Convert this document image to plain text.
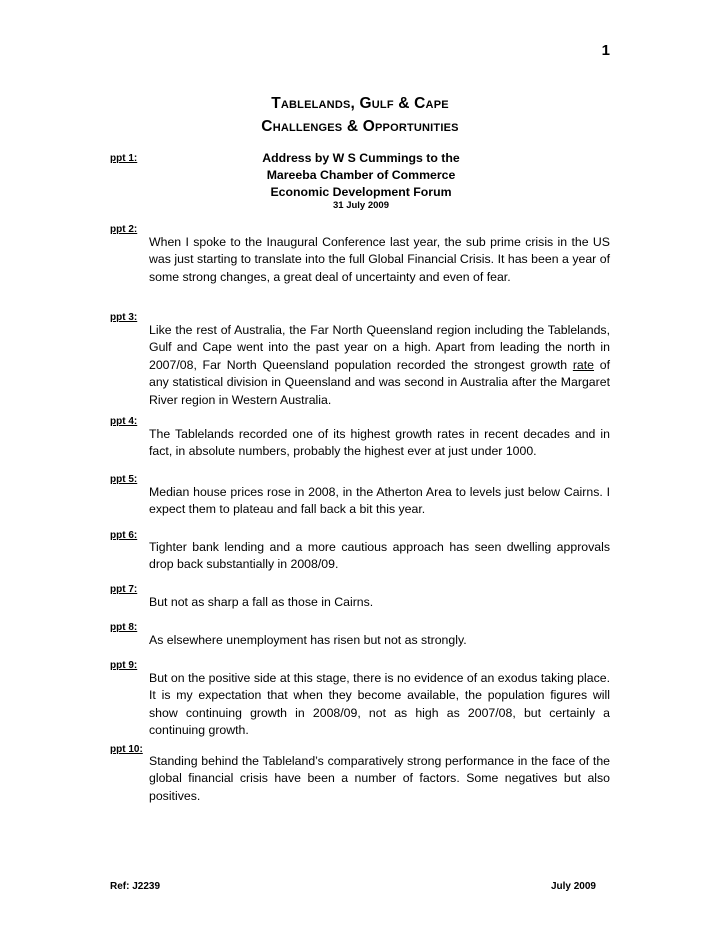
1
Tablelands, Gulf & Cape
Challenges & Opportunities
ppt 1:	Address by W S Cummings to the
Mareeba Chamber of Commerce
Economic Development Forum
31 July 2009
ppt 2:
When I spoke to the Inaugural Conference last year, the sub prime crisis in the US was just starting to translate into the full Global Financial Crisis. It has been a year of some strong changes, a great deal of uncertainty and even of fear.
ppt 3:
Like the rest of Australia, the Far North Queensland region including the Tablelands, Gulf and Cape went into the past year on a high. Apart from leading the north in 2007/08, Far North Queensland population recorded the strongest growth rate of any statistical division in Queensland and was second in Australia after the Margaret River region in Western Australia.
ppt 4:
The Tablelands recorded one of its highest growth rates in recent decades and in fact, in absolute numbers, probably the highest ever at just under 1000.
ppt 5:
Median house prices rose in 2008, in the Atherton Area to levels just below Cairns. I expect them to plateau and fall back a bit this year.
ppt 6:
Tighter bank lending and a more cautious approach has seen dwelling approvals drop back substantially in 2008/09.
ppt 7:
But not as sharp a fall as those in Cairns.
ppt 8:
As elsewhere unemployment has risen but not as strongly.
ppt 9:
But on the positive side at this stage, there is no evidence of an exodus taking place. It is my expectation that when they become available, the population figures will show continuing growth in 2008/09, not as high as 2007/08, but certainly a continuing growth.
ppt 10:
Standing behind the Tableland’s comparatively strong performance in the face of the global financial crisis have been a number of factors. Some negatives but also positives.
Ref: J2239	July 2009
